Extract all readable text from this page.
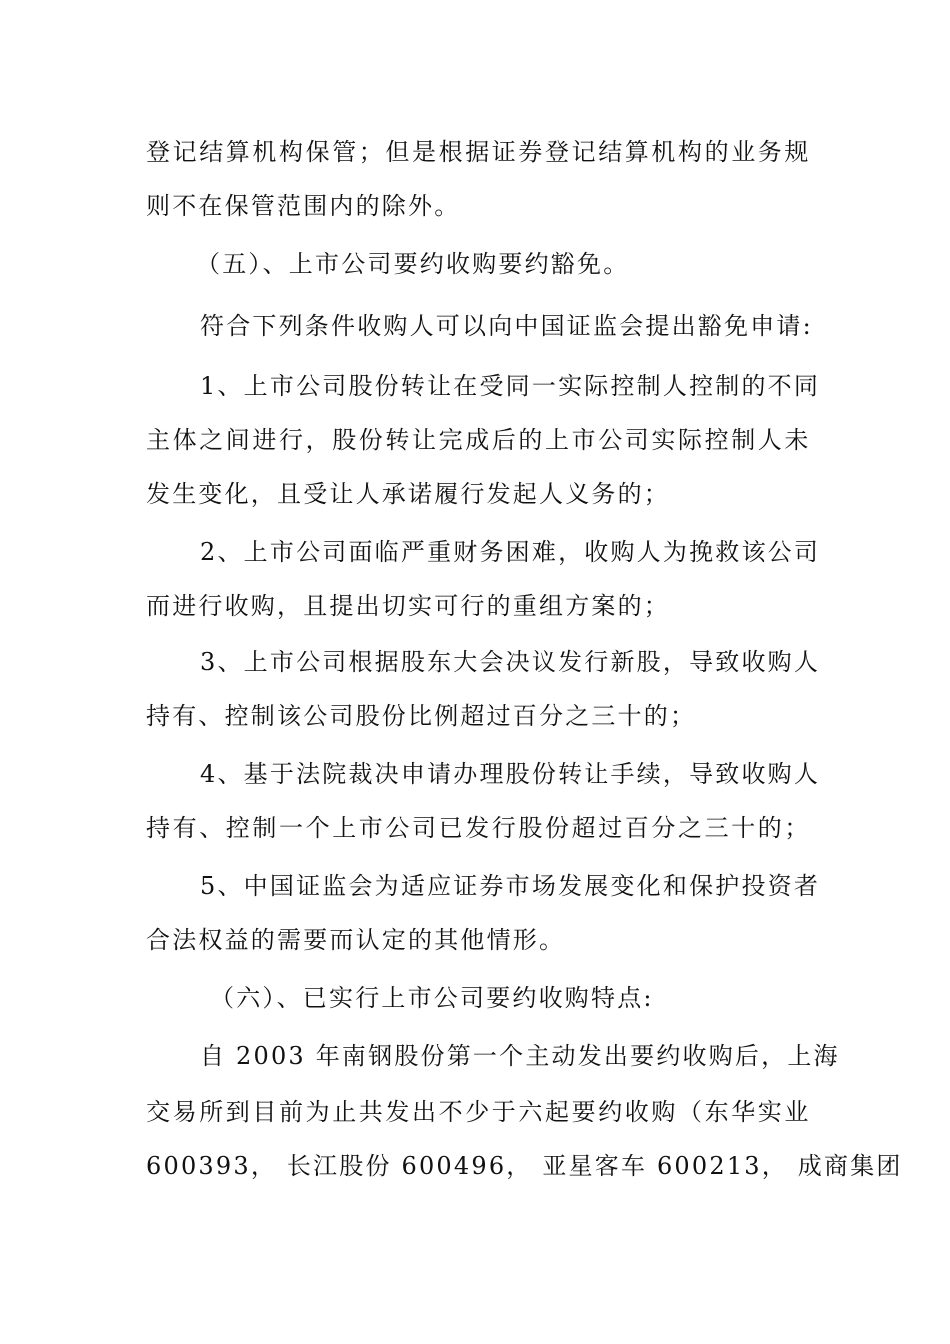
登记结算机构保管；但是根据证券登记结算机构的业务规
则不在保管范围内的除外。
（五）、上市公司要约收购要约豁免。
符合下列条件收购人可以向中国证监会提出豁免申请:
1、上市公司股份转让在受同一实际控制人控制的不同
主体之间进行，股份转让完成后的上市公司实际控制人未
发生变化，且受让人承诺履行发起人义务的；
2、上市公司面临严重财务困难，收购人为挽救该公司
而进行收购，且提出切实可行的重组方案的；
3、上市公司根据股东大会决议发行新股，导致收购人
持有、控制该公司股份比例超过百分之三十的；
4、基于法院裁决申请办理股份转让手续，导致收购人
持有、控制一个上市公司已发行股份超过百分之三十的；
5、中国证监会为适应证券市场发展变化和保护投资者
合法权益的需要而认定的其他情形。
（六）、已实行上市公司要约收购特点:
自 2003 年南钢股份第一个主动发出要约收购后，上海
交易所到目前为止共发出不少于六起要约收购（东华实业
600393， 长江股份 600496， 亚星客车 600213， 成商集团
